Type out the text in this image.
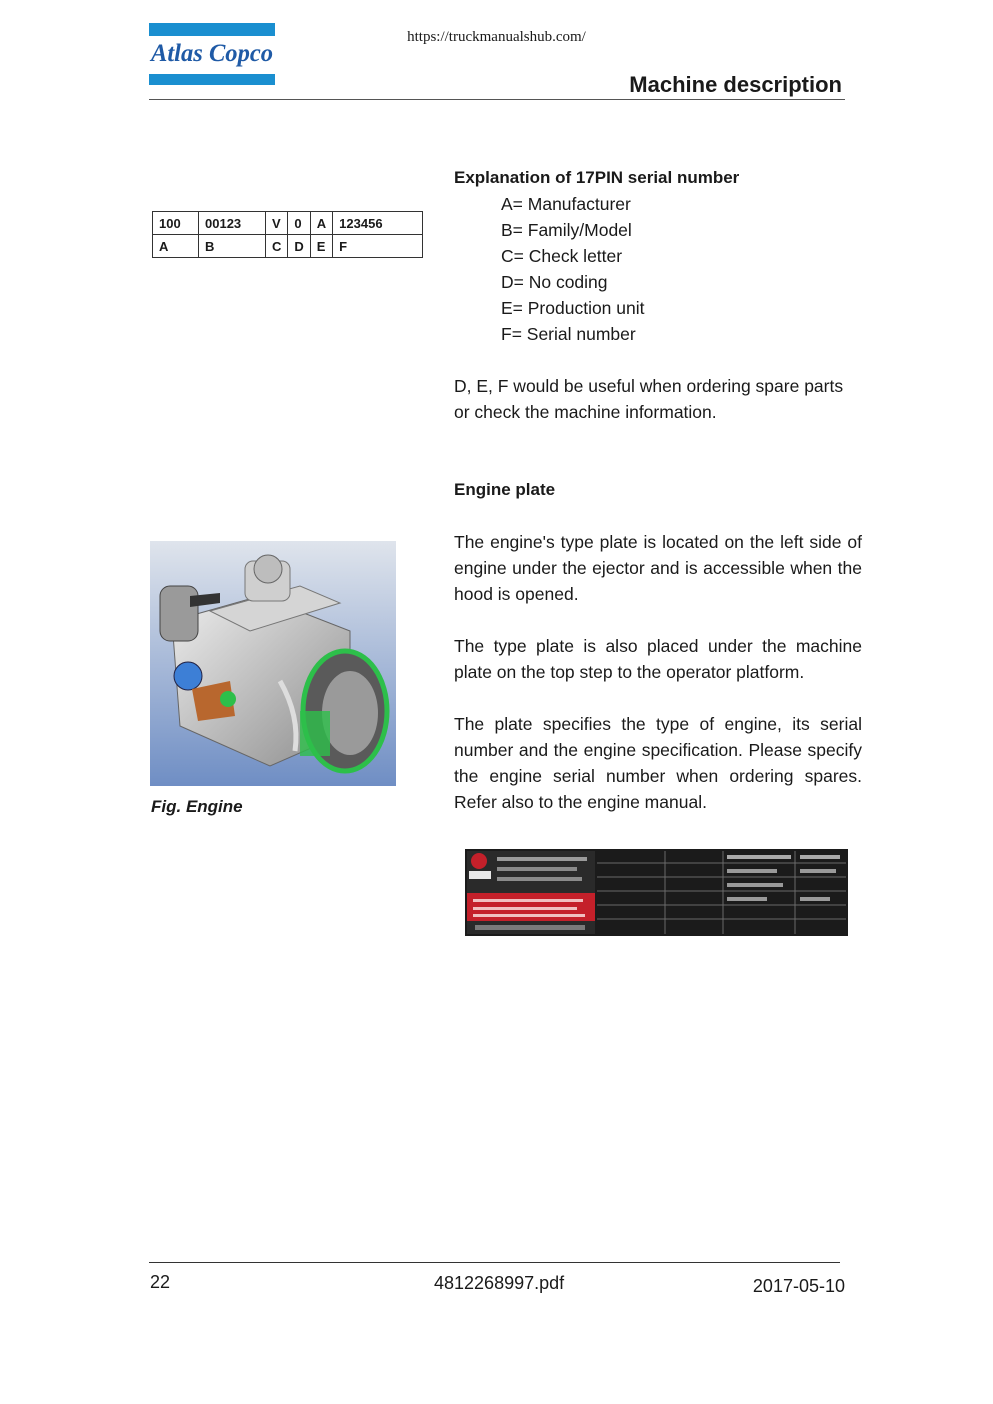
Atlas Copco
https://truckmanualshub.com/
Machine description
100	00123	V	0	A	123456
A	B	C	D	E	F
Explanation of 17PIN serial number
A= Manufacturer
B= Family/Model
C= Check letter
D= No coding
E= Production unit
F= Serial number
D, E, F would be useful when ordering spare parts or check the machine information.
Engine plate
The engine's type plate is located on the left side of engine under the ejector and is accessible when the hood is opened.
The type plate is also placed under the machine plate on the top step to the operator platform.
The plate specifies the type of engine, its serial number and the engine specification. Please specify the engine serial number when ordering spares. Refer also to the engine manual.
Fig. Engine
22	4812268997.pdf	2017-05-10
